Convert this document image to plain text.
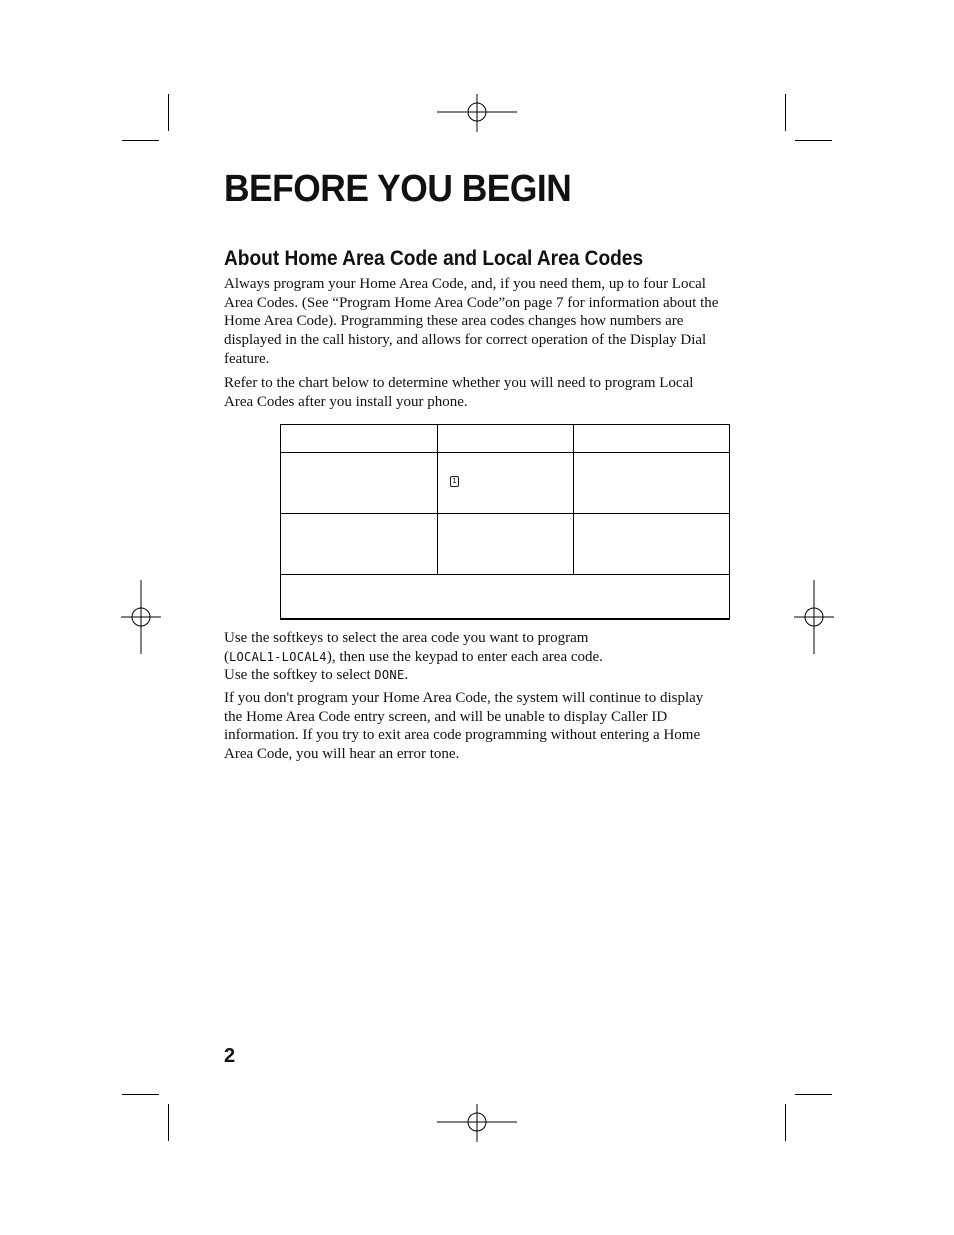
BEFORE YOU BEGIN
About Home Area Code and Local Area Codes

Always program your Home Area Code, and, if you need them, up to four Local Area Codes. (See “Program Home Area Code”on page 7 for information about the Home Area Code). Programming these area codes changes how numbers are displayed in the call history, and allows for correct operation of the Display Dial feature.

Refer to the chart below to determine whether you will need to program Local Area Codes after you install your phone.

1

Use the softkeys to select the area code you want to program
(LOCAL1-LOCAL4), then use the keypad to enter each area code.
Use the softkey to select DONE.

If you don't program your Home Area Code, the system will continue to display the Home Area Code entry screen, and will be unable to display Caller ID information. If you try to exit area code programming without entering a Home Area Code, you will hear an error tone.

2
